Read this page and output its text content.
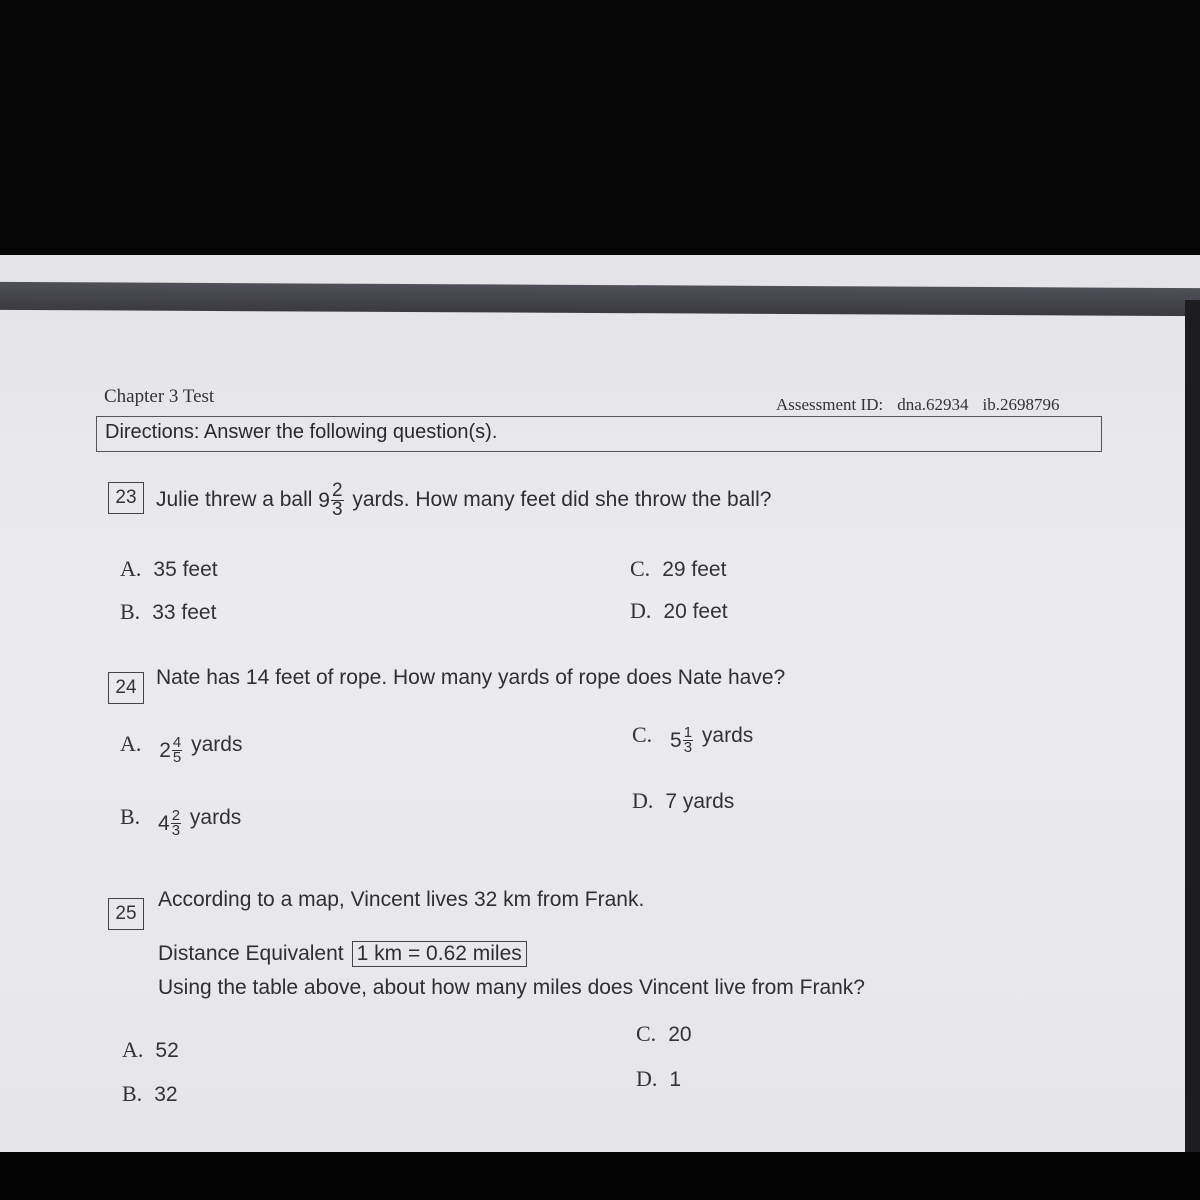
Chapter 3 Test	Assessment ID: dna.62934 ib.2698796
Directions: Answer the following question(s).
23 Julie threw a ball $9 \frac{2}{3}$ yards. How many feet did she throw the ball?
A. 35 feet
B. 33 feet
C. 29 feet
D. 20 feet
24 Nate has 14 feet of rope. How many yards of rope does Nate have?
A. $2 \frac{4}{5}$ yards
B. $4 \frac{2}{3}$ yards
C. $5 \frac{1}{3}$ yards
D. 7 yards
25
According to a map, Vincent lives 32 km from Frank.
Distance Equivalent 1 km = 0.62 miles
Using the table above, about how many miles does Vincent live from Frank?
A. 52
B. 32
C. 20
D. 1
